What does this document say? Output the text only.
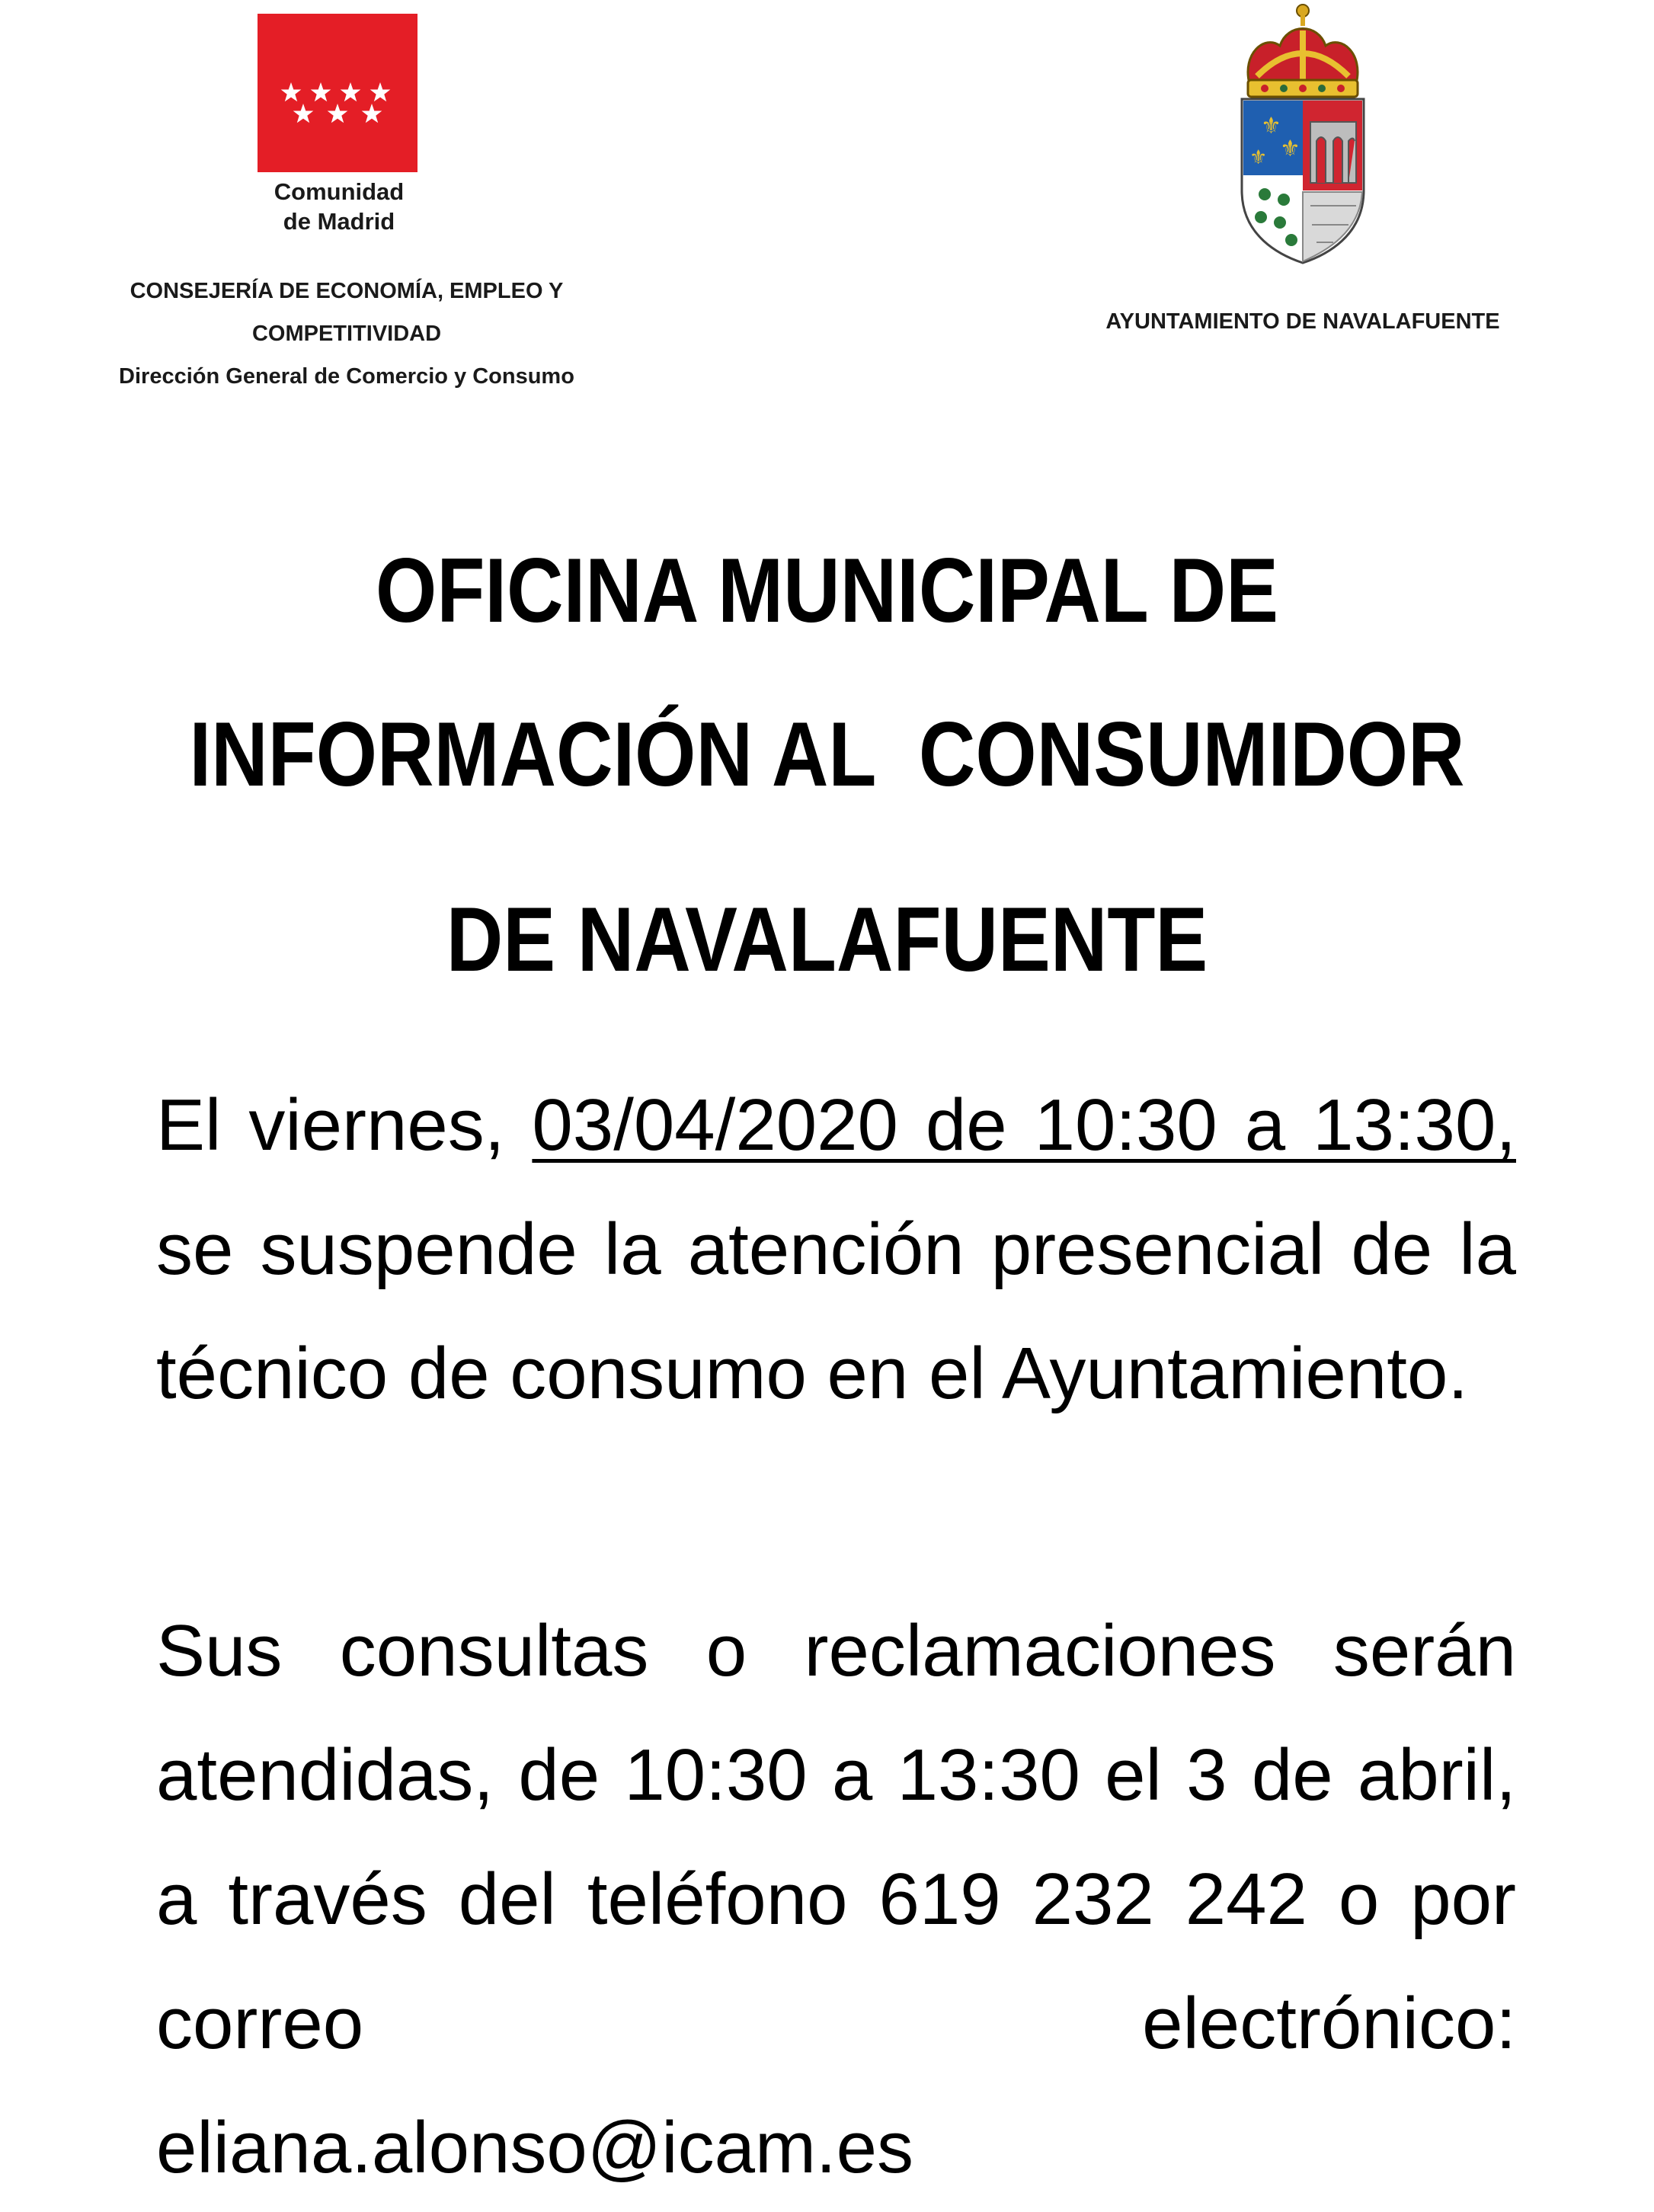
Comunidad
de Madrid
CONSEJERÍA DE ECONOMÍA, EMPLEO Y
COMPETITIVIDAD
Dirección General de Comercio y Consumo
⚜
⚜
⚜
AYUNTAMIENTO DE NAVALAFUENTE
OFICINA MUNICIPAL DE
INFORMACIÓN AL  CONSUMIDOR
DE NAVALAFUENTE
El viernes, 03/04/2020 de 10:30 a 13:30, se suspende la atención presencial de la técnico de consumo en el Ayuntamiento.
Sus consultas o reclamaciones serán atendidas, de 10:30 a 13:30 el 3 de abril, a través del teléfono 619 232 242 o por correo electrónico: eliana.alonso@icam.es
